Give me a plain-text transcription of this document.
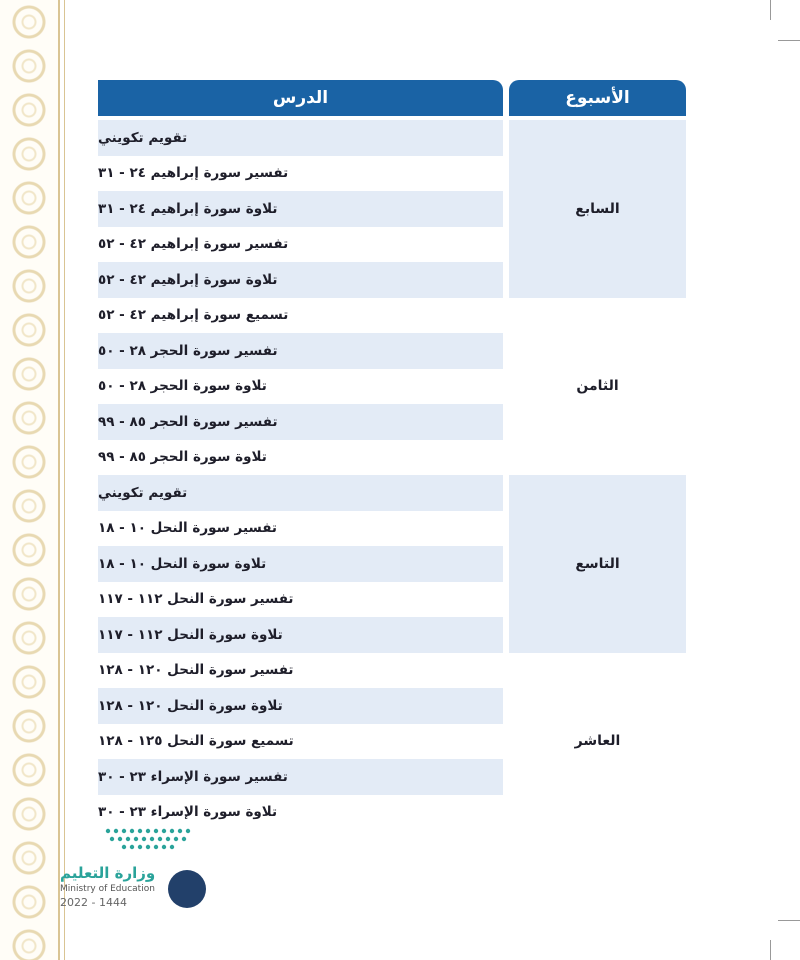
الدرس	الأسبوع
السابع
تقويم تكويني
تفسير سورة إبراهيم ٢٤ - ٣١
تلاوة سورة إبراهيم ٢٤ - ٣١
تفسير سورة إبراهيم ٤٢ - ٥٢
تلاوة سورة إبراهيم ٤٢ - ٥٢
الثامن
تسميع سورة إبراهيم ٤٢ - ٥٢
تفسير سورة الحجر ٢٨ - ٥٠
تلاوة سورة الحجر ٢٨ - ٥٠
تفسير سورة الحجر ٨٥ - ٩٩
تلاوة سورة الحجر ٨٥ - ٩٩
التاسع
تقويم تكويني
تفسير سورة النحل ١٠ - ١٨
تلاوة سورة النحل ١٠ - ١٨
تفسير سورة النحل ١١٢ - ١١٧
تلاوة سورة النحل ١١٢ - ١١٧
العاشر
تفسير سورة النحل ١٢٠ - ١٢٨
تلاوة سورة النحل ١٢٠ - ١٢٨
تسميع سورة النحل ١٢٥ - ١٢٨
تفسير سورة الإسراء ٢٣ - ٣٠
تلاوة سورة الإسراء ٢٣ - ٣٠
وزارة التعليم
Ministry of Education
2022 - 1444
